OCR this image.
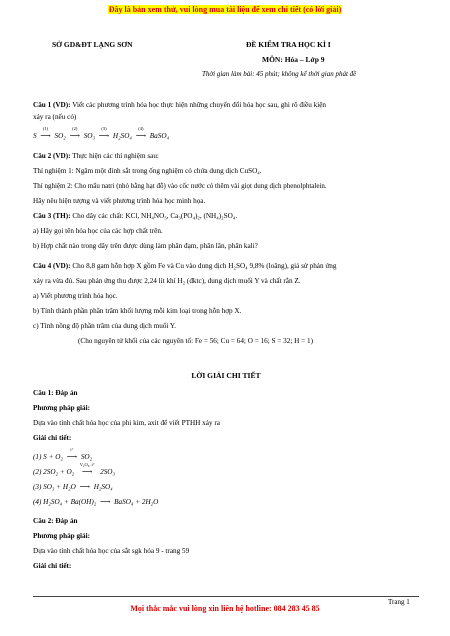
Đây là bản xem thử, vui lòng mua tài liệu để xem chi tiết (có lời giải)
SỞ GD&ĐT LẠNG SƠN	ĐỀ KIỂM TRA HỌC KÌ I
MÔN: Hóa – Lớp 9
Thời gian làm bài: 45 phút; không kể thời gian phát đề
Câu 1 (VD): Viết các phương trình hóa học thực hiện những chuyển đổi hóa học sau, ghi rõ điều kiện
xảy ra (nếu có)
S
(1)
⟶ SO₂
(2)
⟶ SO₃
(3)
⟶ H₂SO₄
(4)
⟶ BaSO₄
Câu 2 (VD): Thực hiện các thí nghiệm sau:
Thí nghiệm 1: Ngâm một đinh sắt trong ống nghiệm có chứa dung dịch CuSO₄.
Thí nghiệm 2: Cho mẩu natri (nhỏ bằng hạt đỗ) vào cốc nước có thêm vài giọt dung dịch phenolphtalein.
Hãy nêu hiện tượng và viết phương trình hóa học minh họa.
Câu 3 (TH): Cho dãy các chất: KCl, NH₄NO₃, Ca₃(PO₄)₂, (NH₄)₂SO₄.
a) Hãy gọi tên hóa học của các hợp chất trên.
b) Hợp chất nào trong dãy trên được dùng làm phân đạm, phân lân, phân kali?
Câu 4 (VD): Cho 8,8 gam hỗn hợp X gồm Fe và Cu vào dung dịch H₂SO₄ 9,8% (loãng), giả sử phản ứng
xảy ra vừa đủ. Sau phản ứng thu được 2,24 lít khí H₂ (đktc), dung dịch muối Y và chất rắn Z.
a) Viết phương trình hóa học.
b) Tính thành phần phần trăm khối lượng mỗi kim loại trong hỗn hợp X.
c) Tính nồng độ phần trăm của dung dịch muối Y.
(Cho nguyên tử khối của các nguyên tố: Fe = 56; Cu = 64; O = 16; S = 32; H = 1)
LỜI GIẢI CHI TIẾT
Câu 1: Đáp án
Phương pháp giải:
Dựa vào tính chất hóa học của phi kim, axit để viết PTHH xảy ra
Giải chi tiết:
(1) S + O₂
t°
⟶ SO₂
(2) 2SO₂ + O₂
V₂O₅, t°
⟶ 2SO₃
(3) SO₃ + H₂O ⟶ H₂SO₄
(4) H₂SO₄ + Ba(OH)₂ ⟶ BaSO₄ + 2H₂O
Câu 2: Đáp án
Phương pháp giải:
Dựa vào tính chất hóa học của sắt sgk hóa 9 - trang 59
Giải chi tiết:
Trang 1
Mọi thắc mắc vui lòng xin liên hệ hotline: 084 283 45 85
